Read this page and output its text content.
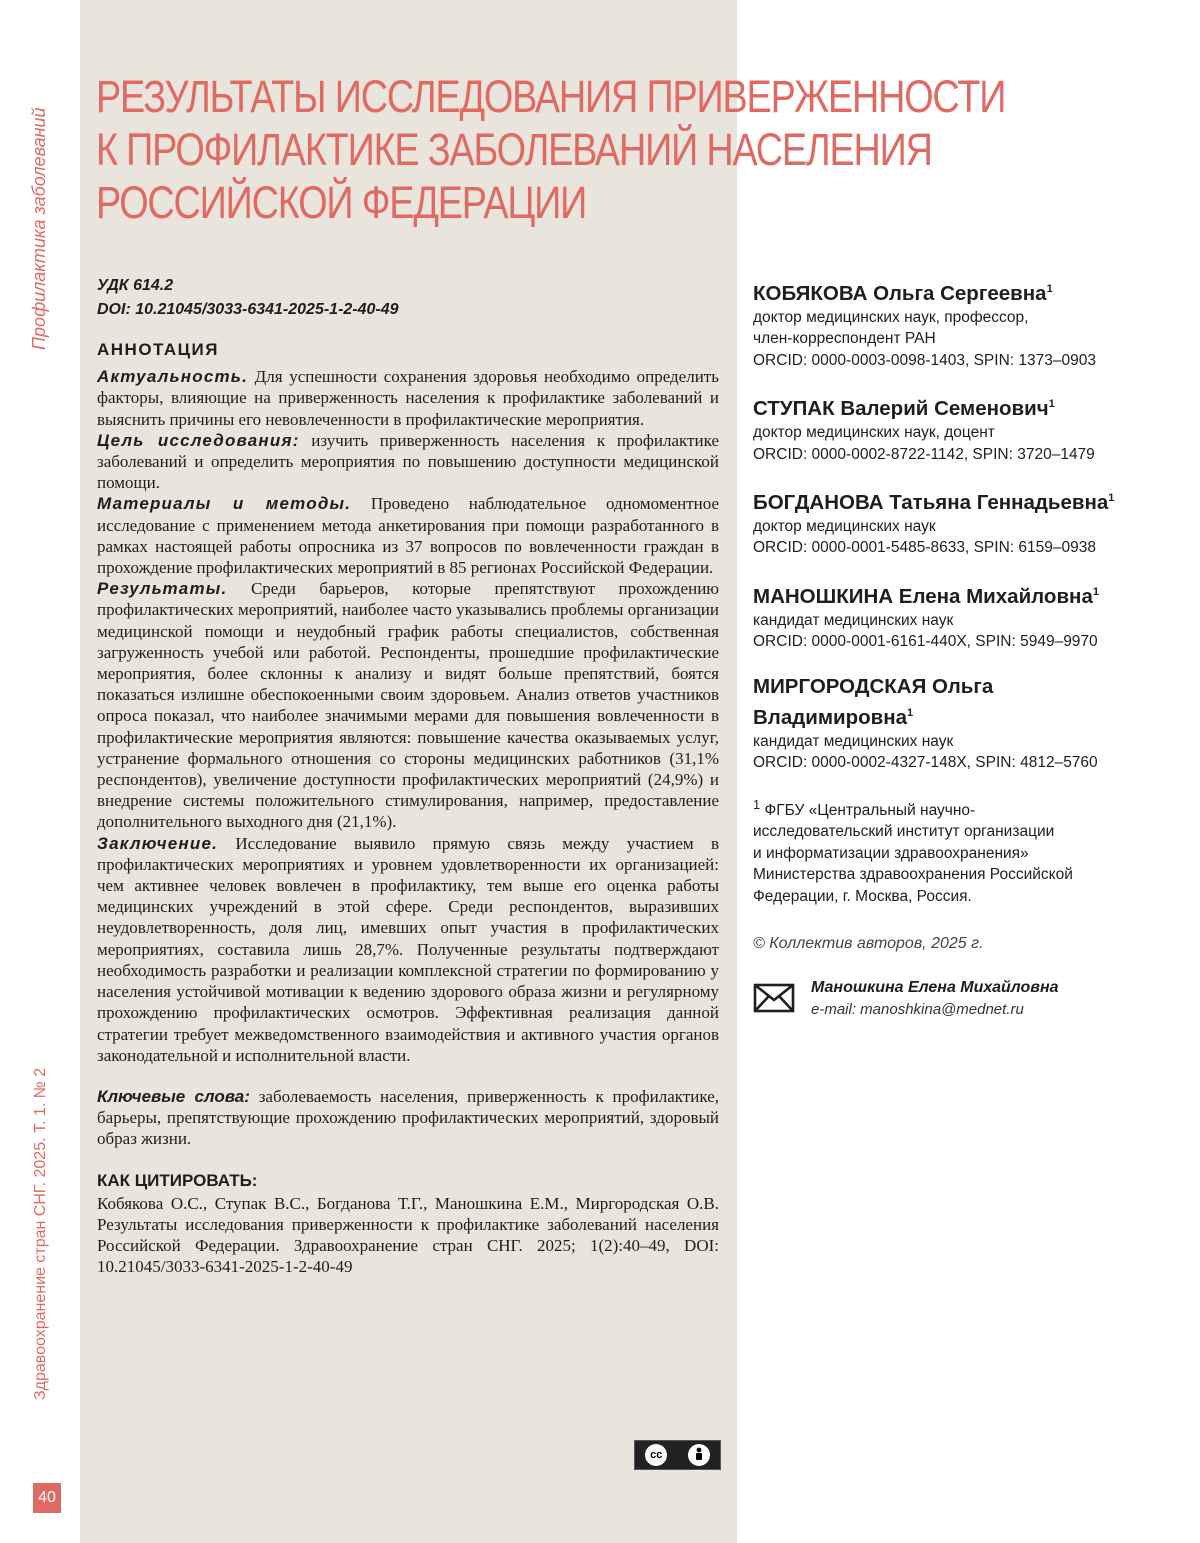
Профилактика заболеваний
Здравоохранение стран СНГ. 2025. Т. 1. № 2
40
РЕЗУЛЬТАТЫ ИССЛЕДОВАНИЯ ПРИВЕРЖЕННОСТИ
К ПРОФИЛАКТИКЕ ЗАБОЛЕВАНИЙ НАСЕЛЕНИЯ
РОССИЙСКОЙ ФЕДЕРАЦИИ
УДК 614.2
DOI: 10.21045/3033-6341-2025-1-2-40-49
АННОТАЦИЯ

Актуальность. Для успешности сохранения здоровья необходимо определить факторы, влияющие на приверженность населения к профилактике заболеваний и выяснить причины его невовлеченности в профилактические мероприятия.

Цель исследования: изучить приверженность населения к профилактике заболеваний и определить мероприятия по повышению доступности медицинской помощи.

Материалы и методы. Проведено наблюдательное одномоментное исследование с применением метода анкетирования при помощи разработанного в рамках настоящей работы опросника из 37 вопросов по вовлеченности граждан в прохождение профилактических мероприятий в 85 регионах Российской Федерации.

Результаты. Среди барьеров, которые препятствуют прохождению профилактических мероприятий, наиболее часто указывались проблемы организации медицинской помощи и неудобный график работы специалистов, собственная загруженность учебой или работой. Респонденты, прошедшие профилактические мероприятия, более склонны к анализу и видят больше препятствий, боятся показаться излишне обеспокоенными своим здоровьем. Анализ ответов участников опроса показал, что наиболее значимыми мерами для повышения вовлеченности в профилактические мероприятия являются: повышение качества оказываемых услуг, устранение формального отношения со стороны медицинских работников (31,1% респондентов), увеличение доступности профилактических мероприятий (24,9%) и внедрение системы положительного стимулирования, например, предоставление дополнительного выходного дня (21,1%).

Заключение. Исследование выявило прямую связь между участием в профилактических мероприятиях и уровнем удовлетворенности их организацией: чем активнее человек вовлечен в профилактику, тем выше его оценка работы медицинских учреждений в этой сфере. Среди респондентов, выразивших неудовлетворенность, доля лиц, имевших опыт участия в профилактических мероприятиях, составила лишь 28,7%. Полученные результаты подтверждают необходимость разработки и реализации комплексной стратегии по формированию у населения устойчивой мотивации к ведению здорового образа жизни и регулярному прохождению профилактических осмотров. Эффективная реализация данной стратегии требует межведомственного взаимодействия и активного участия органов законодательной и исполнительной власти.

Ключевые слова: заболеваемость населения, приверженность к профилактике, барьеры, препятствующие прохождению профилактических мероприятий, здоровый образ жизни.

КАК ЦИТИРОВАТЬ:

Кобякова О.С., Ступак В.С., Богданова Т.Г., Маношкина Е.М., Миргородская О.В. Результаты исследования приверженности к профилактике заболеваний населения Российской Федерации. Здравоохранение стран СНГ. 2025; 1(2):40–49, DOI: 10.21045/3033-6341-2025-1-2-40-49

cc
КОБЯКОВА Ольга Сергеевна$^1$
доктор медицинских наук, профессор,
член-корреспондент РАН
ORCID: 0000-0003-0098-1403, SPIN: 1373–0903
СТУПАК Валерий Семенович$^1$
доктор медицинских наук, доцент
ORCID: 0000-0002-8722-1142, SPIN: 3720–1479
БОГДАНОВА Татьяна Геннадьевна$^1$
доктор медицинских наук
ORCID: 0000-0001-5485-8633, SPIN: 6159–0938
МАНОШКИНА Елена Михайловна$^1$
кандидат медицинских наук
ORCID: 0000-0001-6161-440X, SPIN: 5949–9970
МИРГОРОДСКАЯ Ольга Владимировна$^1$
кандидат медицинских наук
ORCID: 0000-0002-4327-148X, SPIN: 4812–5760
$^1$ ФГБУ «Центральный научно-
исследовательский институт организации
и информатизации здравоохранения»
Министерства здравоохранения Российской
Федерации, г. Москва, Россия.
© Коллектив авторов, 2025 г.
Маношкина Елена Михайловна
e-mail: manoshkina@mednet.ru
